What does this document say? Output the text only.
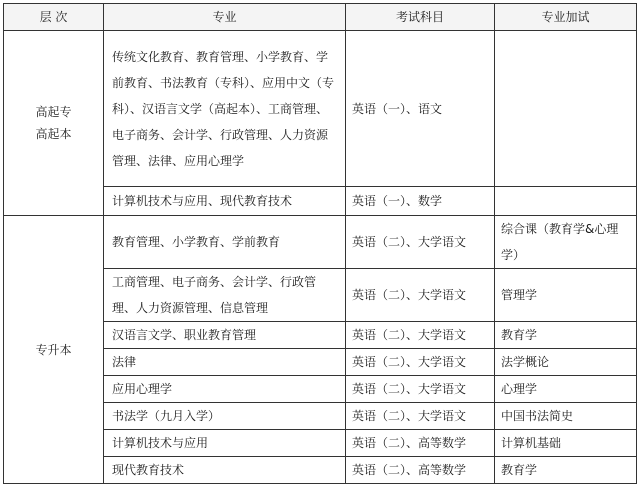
层 次	专业	考试科目	专业加试

高起专
高起本	传统文化教育、教育管理、小学教育、学前教育、书法教育（专科）、应用中文（专科）、汉语言文学（高起本）、工商管理、电子商务、会计学、行政管理、人力资源管理、法律、应用心理学	英语（一）、语文	
	计算机技术与应用、现代教育技术	英语（一）、数学	
专升本	教育管理、小学教育、学前教育	英语（二）、大学语文	综合课（教育学&心理学）
	工商管理、电子商务、会计学、行政管理、人力资源管理、信息管理	英语（二）、大学语文	管理学
	汉语言文学、职业教育管理	英语（二）、大学语文	教育学
	法律	英语（二）、大学语文	法学概论
	应用心理学	英语（二）、大学语文	心理学
	书法学（九月入学）	英语（二）、大学语文	中国书法简史
	计算机技术与应用	英语（二）、高等数学	计算机基础
	现代教育技术	英语（二）、高等数学	教育学
